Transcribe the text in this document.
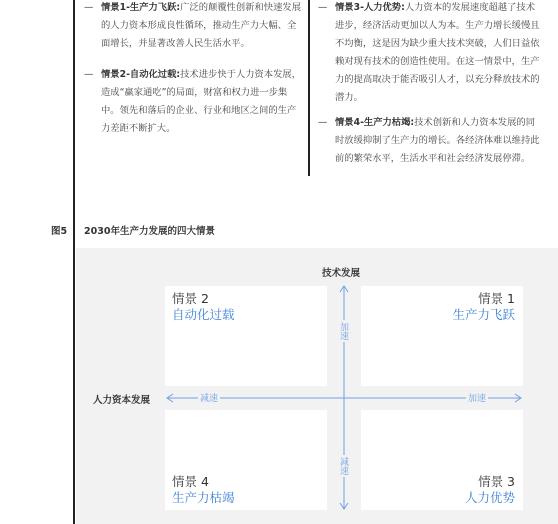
— 情景1-生产力飞跃:广泛的颠覆性创新和快速发展的人力资本形成良性循环，推动生产力大幅、全面增长，并显著改善人民生活水平。
— 情景2-自动化过载:技术进步快于人力资本发展，造成“赢家通吃”的局面，财富和权力进一步集中。领先和落后的企业、行业和地区之间的生产力差距不断扩大。
— 情景3-人力优势:人力资本的发展速度超越了技术进步，经济活动更加以人为本。生产力增长缓慢且不均衡，这是因为缺少重大技术突破，人们日益依赖对现有技术的创造性使用。在这一情景中，生产力的提高取决于能否吸引人才，以充分释放技术的潜力。
— 情景4-生产力枯竭:技术创新和人力资本发展的同时放缓抑制了生产力的增长。各经济体难以维持此前的繁荣水平，生活水平和社会经济发展停滞。
图5 2030年生产力发展的四大情景
技术发展
人力资本发展
情景 2
自动化过载
情景 1
生产力飞跃
情景 4
生产力枯竭
情景 3
人力优势
减速	加速
加速
减速
